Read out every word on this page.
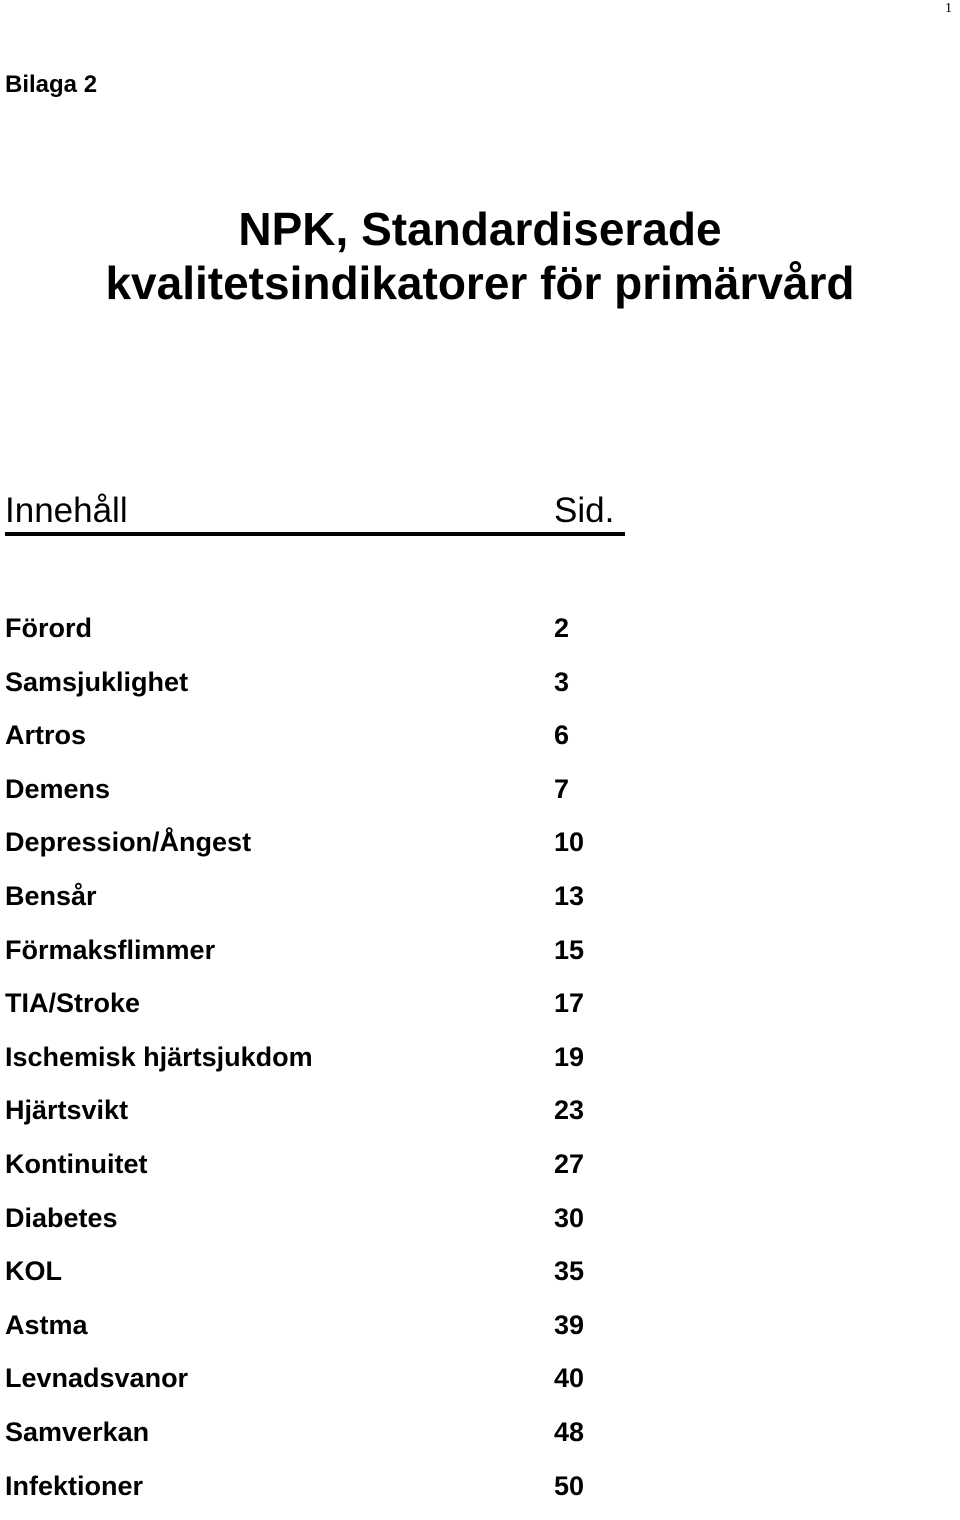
1
Bilaga 2
NPK, Standardiserade
kvalitetsindikatorer för primärvård
Innehåll	Sid.
Förord	2
Samsjuklighet	3
Artros	6
Demens	7
Depression/Ångest	10
Bensår	13
Förmaksflimmer	15
TIA/Stroke	17
Ischemisk hjärtsjukdom	19
Hjärtsvikt	23
Kontinuitet	27
Diabetes	30
KOL	35
Astma	39
Levnadsvanor	40
Samverkan	48
Infektioner	50
